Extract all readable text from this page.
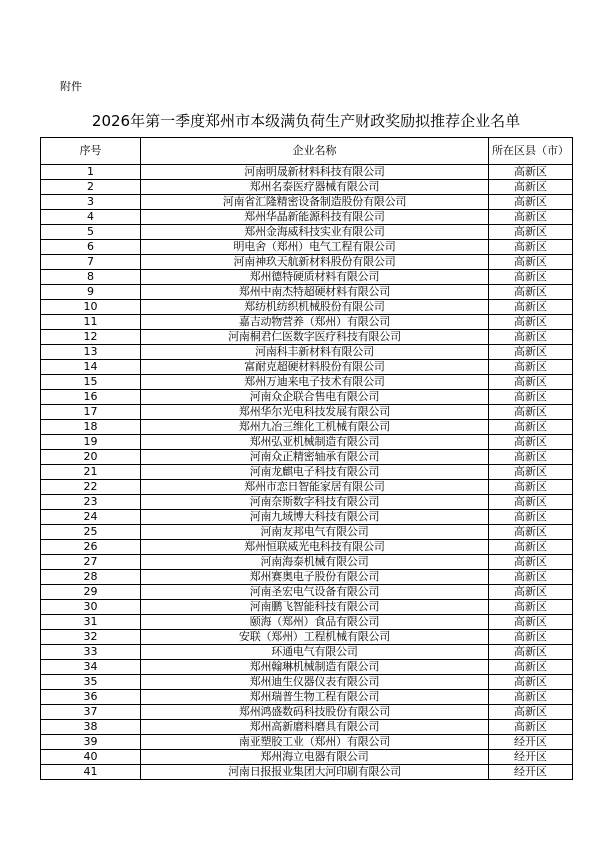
附件
2026年第一季度郑州市本级满负荷生产财政奖励拟推荐企业名单
序号	企业名称	所在区县（市）
1	河南明晟新材料科技有限公司	高新区
2	郑州名泰医疗器械有限公司	高新区
3	河南省汇隆精密设备制造股份有限公司	高新区
4	郑州华晶新能源科技有限公司	高新区
5	郑州金海威科技实业有限公司	高新区
6	明电舍（郑州）电气工程有限公司	高新区
7	河南神玖天航新材料股份有限公司	高新区
8	郑州德特硬质材料有限公司	高新区
9	郑州中南杰特超硬材料有限公司	高新区
10	郑纺机纺织机械股份有限公司	高新区
11	嘉吉动物营养（郑州）有限公司	高新区
12	河南桐君仁医数字医疗科技有限公司	高新区
13	河南科丰新材料有限公司	高新区
14	富耐克超硬材料股份有限公司	高新区
15	郑州万迪来电子技术有限公司	高新区
16	河南众企联合售电有限公司	高新区
17	郑州华尔光电科技发展有限公司	高新区
18	郑州九冶三维化工机械有限公司	高新区
19	郑州弘亚机械制造有限公司	高新区
20	河南众正精密轴承有限公司	高新区
21	河南龙麒电子科技有限公司	高新区
22	郑州市恋日智能家居有限公司	高新区
23	河南奈斯数字科技有限公司	高新区
24	河南九域博大科技有限公司	高新区
25	河南友邦电气有限公司	高新区
26	郑州恒联威光电科技有限公司	高新区
27	河南海泰机械有限公司	高新区
28	郑州赛奥电子股份有限公司	高新区
29	河南圣宏电气设备有限公司	高新区
30	河南鹏飞智能科技有限公司	高新区
31	颐海（郑州）食品有限公司	高新区
32	安联（郑州）工程机械有限公司	高新区
33	环通电气有限公司	高新区
34	郑州翰琳机械制造有限公司	高新区
35	郑州迪生仪器仪表有限公司	高新区
36	郑州瑞普生物工程有限公司	高新区
37	郑州鸿盛数码科技股份有限公司	高新区
38	郑州高新磨料磨具有限公司	高新区
39	南亚塑胶工业（郑州）有限公司	经开区
40	郑州海立电器有限公司	经开区
41	河南日报报业集团大河印刷有限公司	经开区
